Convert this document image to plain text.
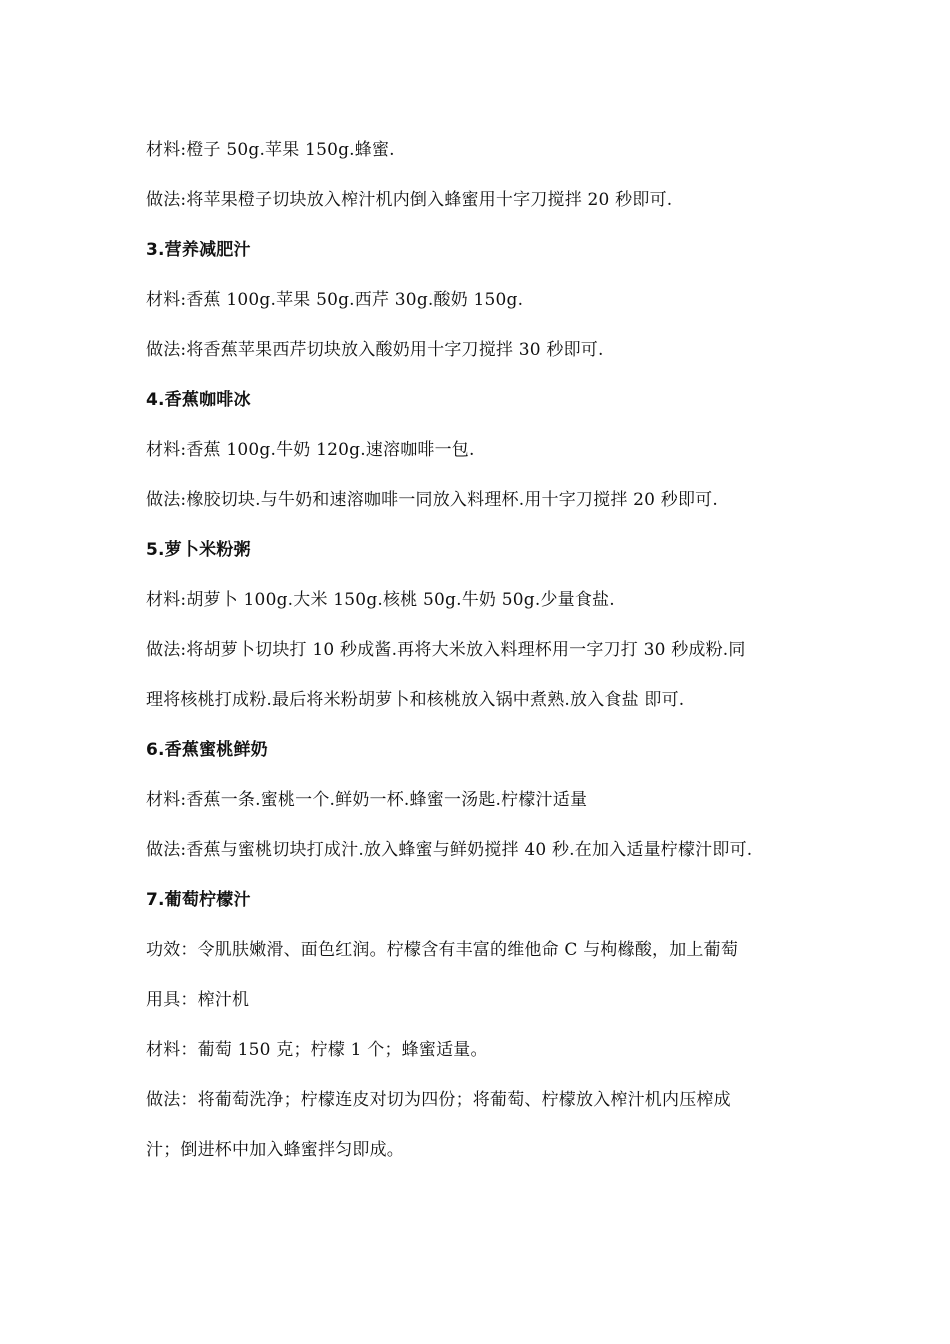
材料:橙子 50g.苹果 150g.蜂蜜.
做法:将苹果橙子切块放入榨汁机内倒入蜂蜜用十字刀搅拌 20 秒即可.
3.营养减肥汁
材料:香蕉 100g.苹果 50g.西芹 30g.酸奶 150g.
做法:将香蕉苹果西芹切块放入酸奶用十字刀搅拌 30 秒即可.
4.香蕉咖啡冰
材料:香蕉 100g.牛奶 120g.速溶咖啡一包.
做法:橡胶切块.与牛奶和速溶咖啡一同放入料理杯.用十字刀搅拌 20 秒即可.
5.萝卜米粉粥
材料:胡萝卜 100g.大米 150g.核桃 50g.牛奶 50g.少量食盐.
做法:将胡萝卜切块打 10 秒成酱.再将大米放入料理杯用一字刀打 30 秒成粉.同
理将核桃打成粉.最后将米粉胡萝卜和核桃放入锅中煮熟.放入食盐 即可.
6.香蕉蜜桃鲜奶
材料:香蕉一条.蜜桃一个.鲜奶一杯.蜂蜜一汤匙.柠檬汁适量
做法:香蕉与蜜桃切块打成汁.放入蜂蜜与鲜奶搅拌 40 秒.在加入适量柠檬汁即可.
7.葡萄柠檬汁
功效：令肌肤嫩滑、面色红润。柠檬含有丰富的维他命 C 与枸橼酸，加上葡萄
用具：榨汁机
材料：葡萄 150 克；柠檬 1 个；蜂蜜适量。
做法：将葡萄洗净；柠檬连皮对切为四份；将葡萄、柠檬放入榨汁机内压榨成
汁；倒进杯中加入蜂蜜拌匀即成。
